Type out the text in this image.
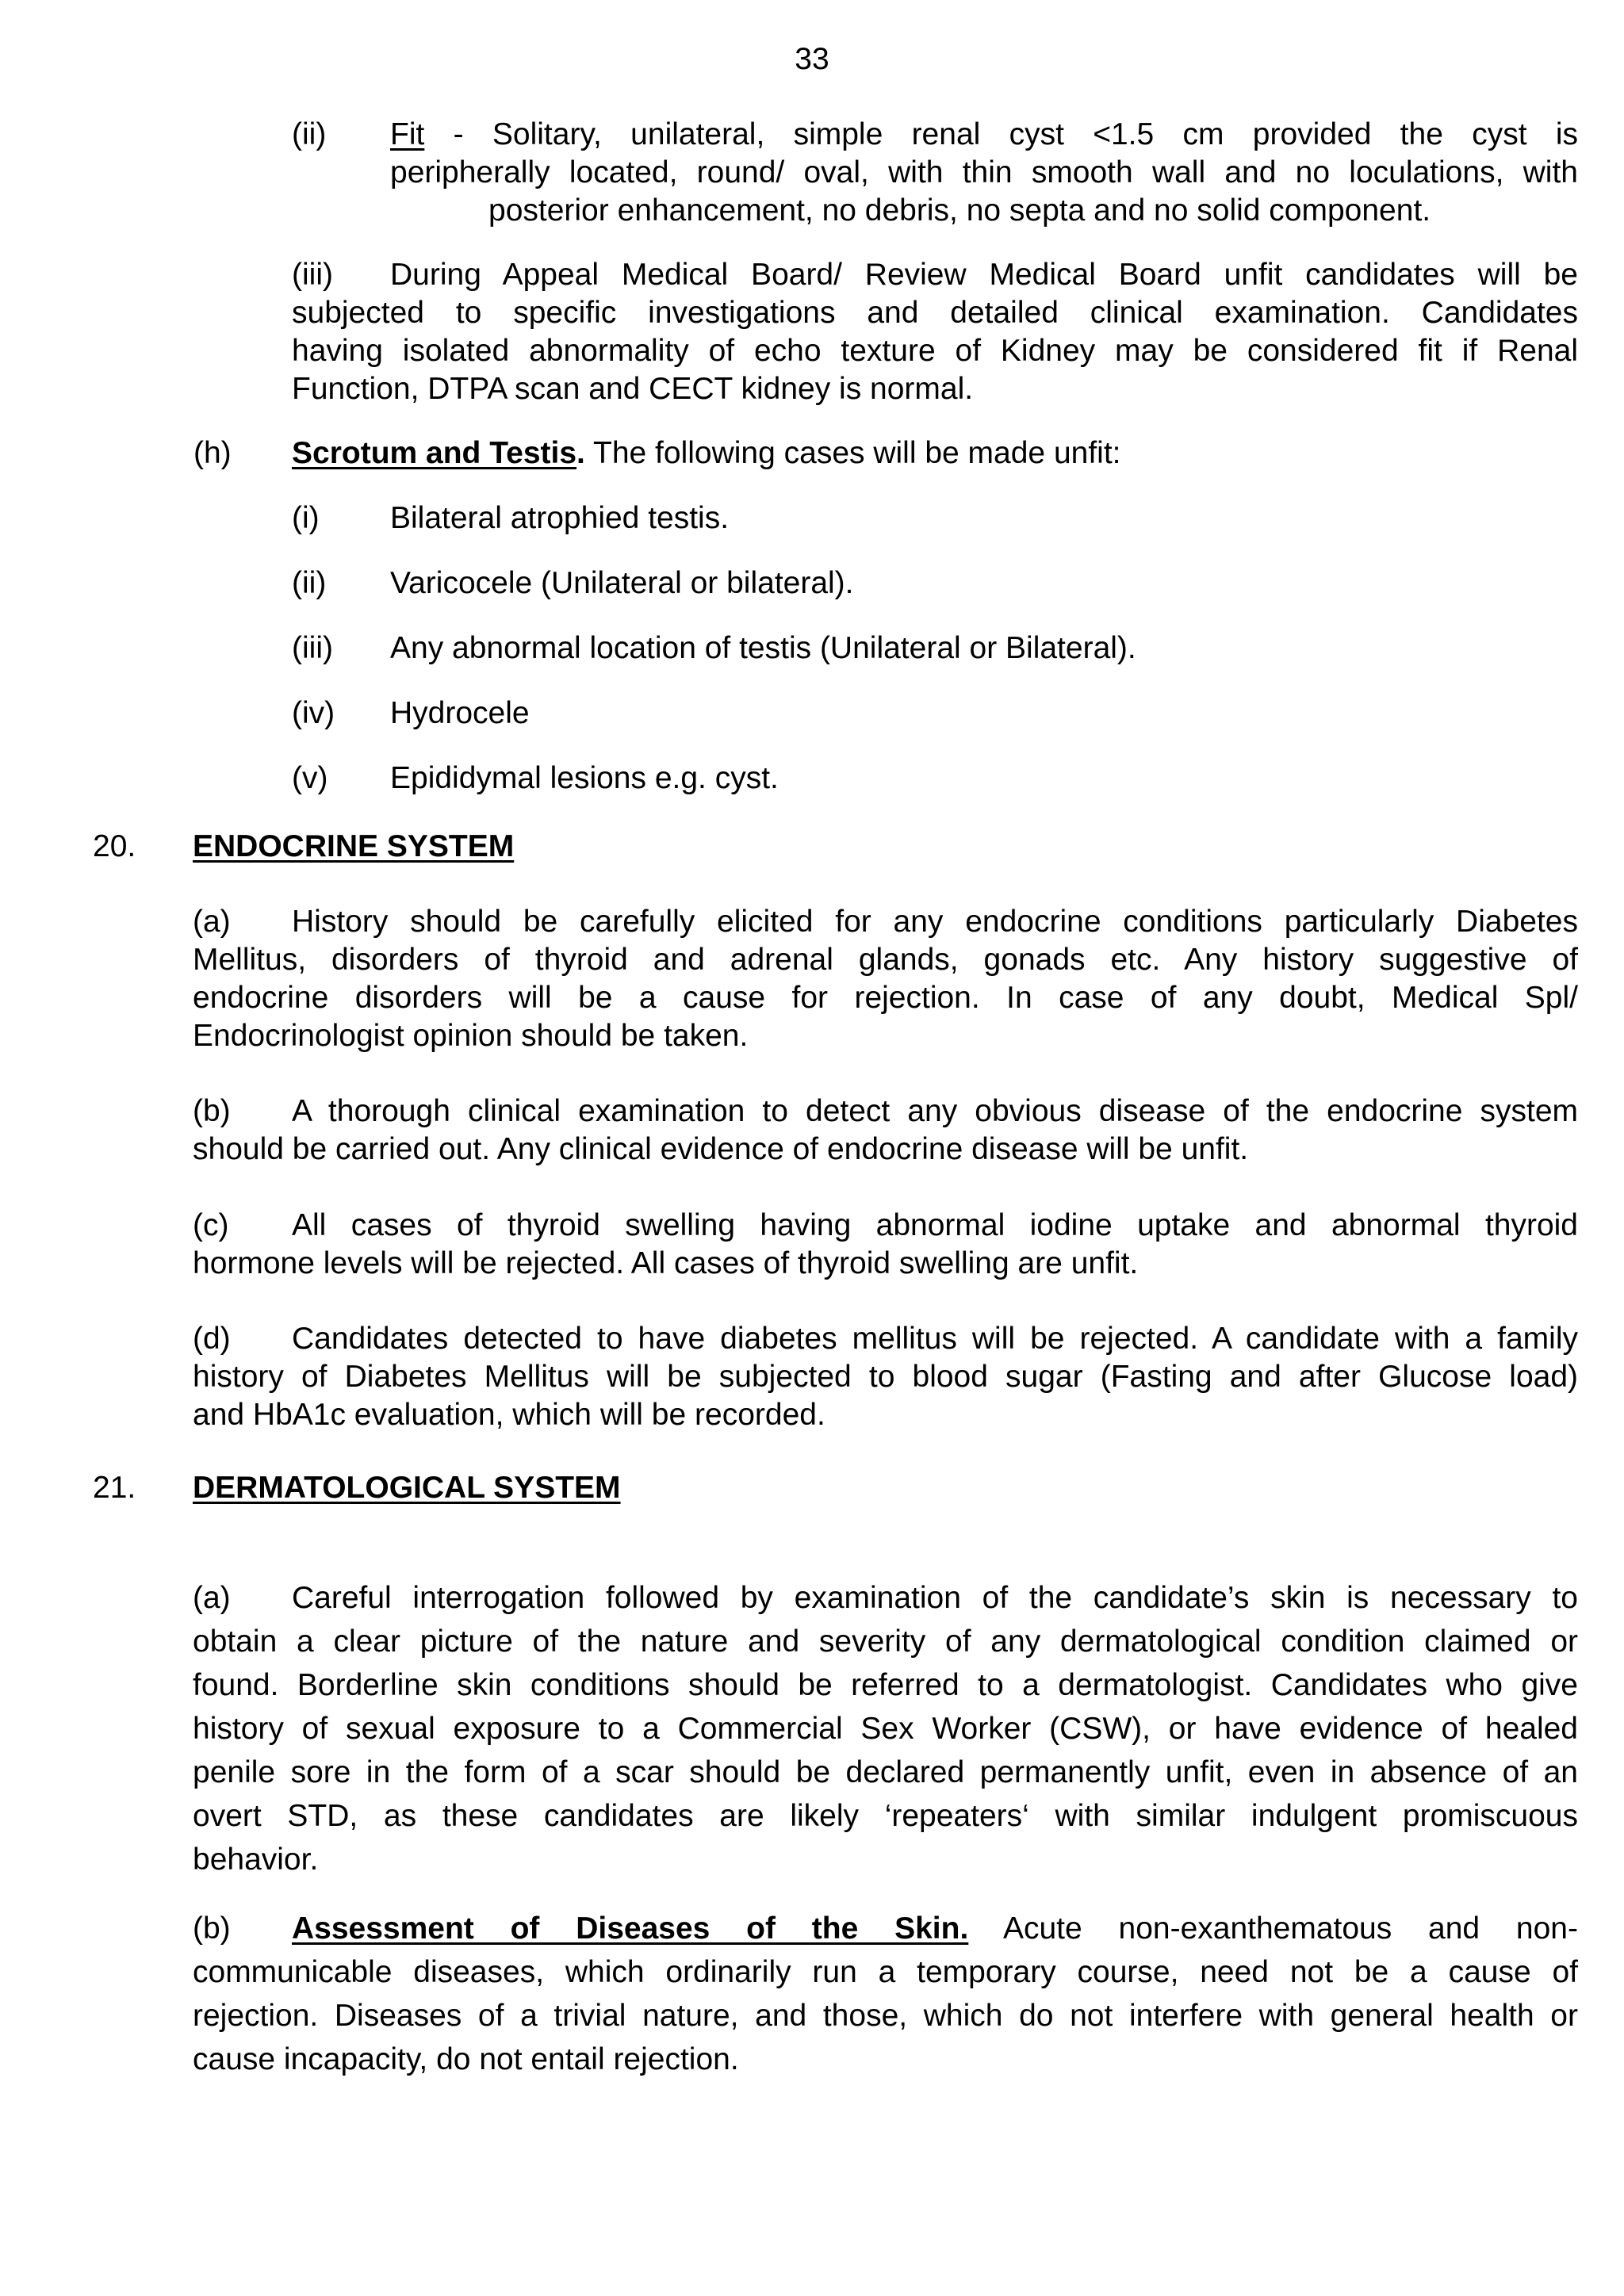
33
(ii) Fit - Solitary, unilateral, simple renal cyst <1.5 cm provided the cyst is
peripherally located, round/ oval, with thin smooth wall and no loculations, with
posterior enhancement, no debris, no septa and no solid component.
(iii) During Appeal Medical Board/ Review Medical Board unfit candidates will be
subjected to specific investigations and detailed clinical examination. Candidates
having isolated abnormality of echo texture of Kidney may be considered fit if Renal
Function, DTPA scan and CECT kidney is normal.
(h) Scrotum and Testis. The following cases will be made unfit:
(i) Bilateral atrophied testis.
(ii) Varicocele (Unilateral or bilateral).
(iii) Any abnormal location of testis (Unilateral or Bilateral).
(iv) Hydrocele
(v) Epididymal lesions e.g. cyst.
20. ENDOCRINE SYSTEM
(a) History should be carefully elicited for any endocrine conditions particularly Diabetes
Mellitus, disorders of thyroid and adrenal glands, gonads etc. Any history suggestive of
endocrine disorders will be a cause for rejection. In case of any doubt, Medical Spl/
Endocrinologist opinion should be taken.
(b) A thorough clinical examination to detect any obvious disease of the endocrine system
should be carried out. Any clinical evidence of endocrine disease will be unfit.
(c) All cases of thyroid swelling having abnormal iodine uptake and abnormal thyroid
hormone levels will be rejected. All cases of thyroid swelling are unfit.
(d) Candidates detected to have diabetes mellitus will be rejected. A candidate with a family
history of Diabetes Mellitus will be subjected to blood sugar (Fasting and after Glucose load)
and HbA1c evaluation, which will be recorded.
21. DERMATOLOGICAL SYSTEM
(a) Careful interrogation followed by examination of the candidate’s skin is necessary to
obtain a clear picture of the nature and severity of any dermatological condition claimed or
found. Borderline skin conditions should be referred to a dermatologist. Candidates who give
history of sexual exposure to a Commercial Sex Worker (CSW), or have evidence of healed
penile sore in the form of a scar should be declared permanently unfit, even in absence of an
overt STD, as these candidates are likely ‘repeaters‘ with similar indulgent promiscuous
behavior.
(b) Assessment of Diseases of the Skin. Acute non-exanthematous and non-
communicable diseases, which ordinarily run a temporary course, need not be a cause of
rejection. Diseases of a trivial nature, and those, which do not interfere with general health or
cause incapacity, do not entail rejection.
